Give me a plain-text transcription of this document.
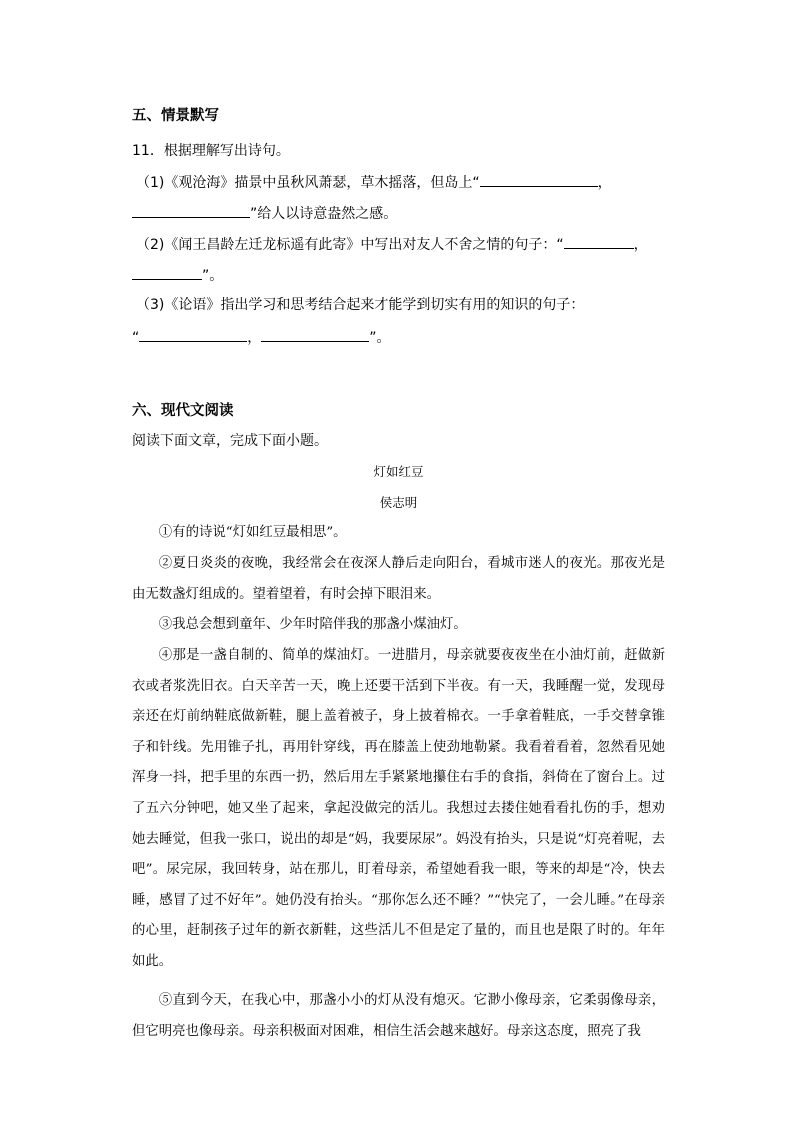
五、情景默写
11．根据理解写出诗句。
（1)《观沧海》描景中虽秋风萧瑟，草木摇落，但岛上“	，
”给人以诗意盎然之感。
（2)《闻王昌龄左迁龙标遥有此寄》中写出对友人不舍之情的句子：“	，
”。
（3)《论语》指出学习和思考结合起来才能学到切实有用的知识的句子：
“	，	”。
六、现代文阅读
阅读下面文章，完成下面小题。
灯如红豆
侯志明

①有的诗说“灯如红豆最相思”。

②夏日炎炎的夜晚，我经常会在夜深人静后走向阳台，看城市迷人的夜光。那夜光是由无数盏灯组成的。望着望着，有时会掉下眼泪来。

③我总会想到童年、少年时陪伴我的那盏小煤油灯。

④那是一盏自制的、简单的煤油灯。一进腊月，母亲就要夜夜坐在小油灯前，赶做新衣或者浆洗旧衣。白天辛苦一天，晚上还要干活到下半夜。有一天，我睡醒一觉，发现母亲还在灯前纳鞋底做新鞋，腿上盖着被子，身上披着棉衣。一手拿着鞋底，一手交替拿锥子和针线。先用锥子扎，再用针穿线，再在膝盖上使劲地勒紧。我看着看着，忽然看见她浑身一抖，把手里的东西一扔，然后用左手紧紧地攥住右手的食指，斜倚在了窗台上。过了五六分钟吧，她又坐了起来，拿起没做完的活儿。我想过去搂住她看看扎伤的手，想劝她去睡觉，但我一张口，说出的却是“妈，我要尿尿”。妈没有抬头，只是说“灯亮着呢，去吧”。尿完尿，我回转身，站在那儿，盯着母亲，希望她看我一眼，等来的却是“冷，快去睡，感冒了过不好年”。她仍没有抬头。“那你怎么还不睡？”“快完了，一会儿睡。”在母亲的心里，赶制孩子过年的新衣新鞋，这些活儿不但是定了量的，而且也是限了时的。年年如此。

⑤直到今天，在我心中，那盏小小的灯从没有熄灭。它渺小像母亲，它柔弱像母亲，但它明亮也像母亲。母亲积极面对困难，相信生活会越来越好。母亲这态度，照亮了我
